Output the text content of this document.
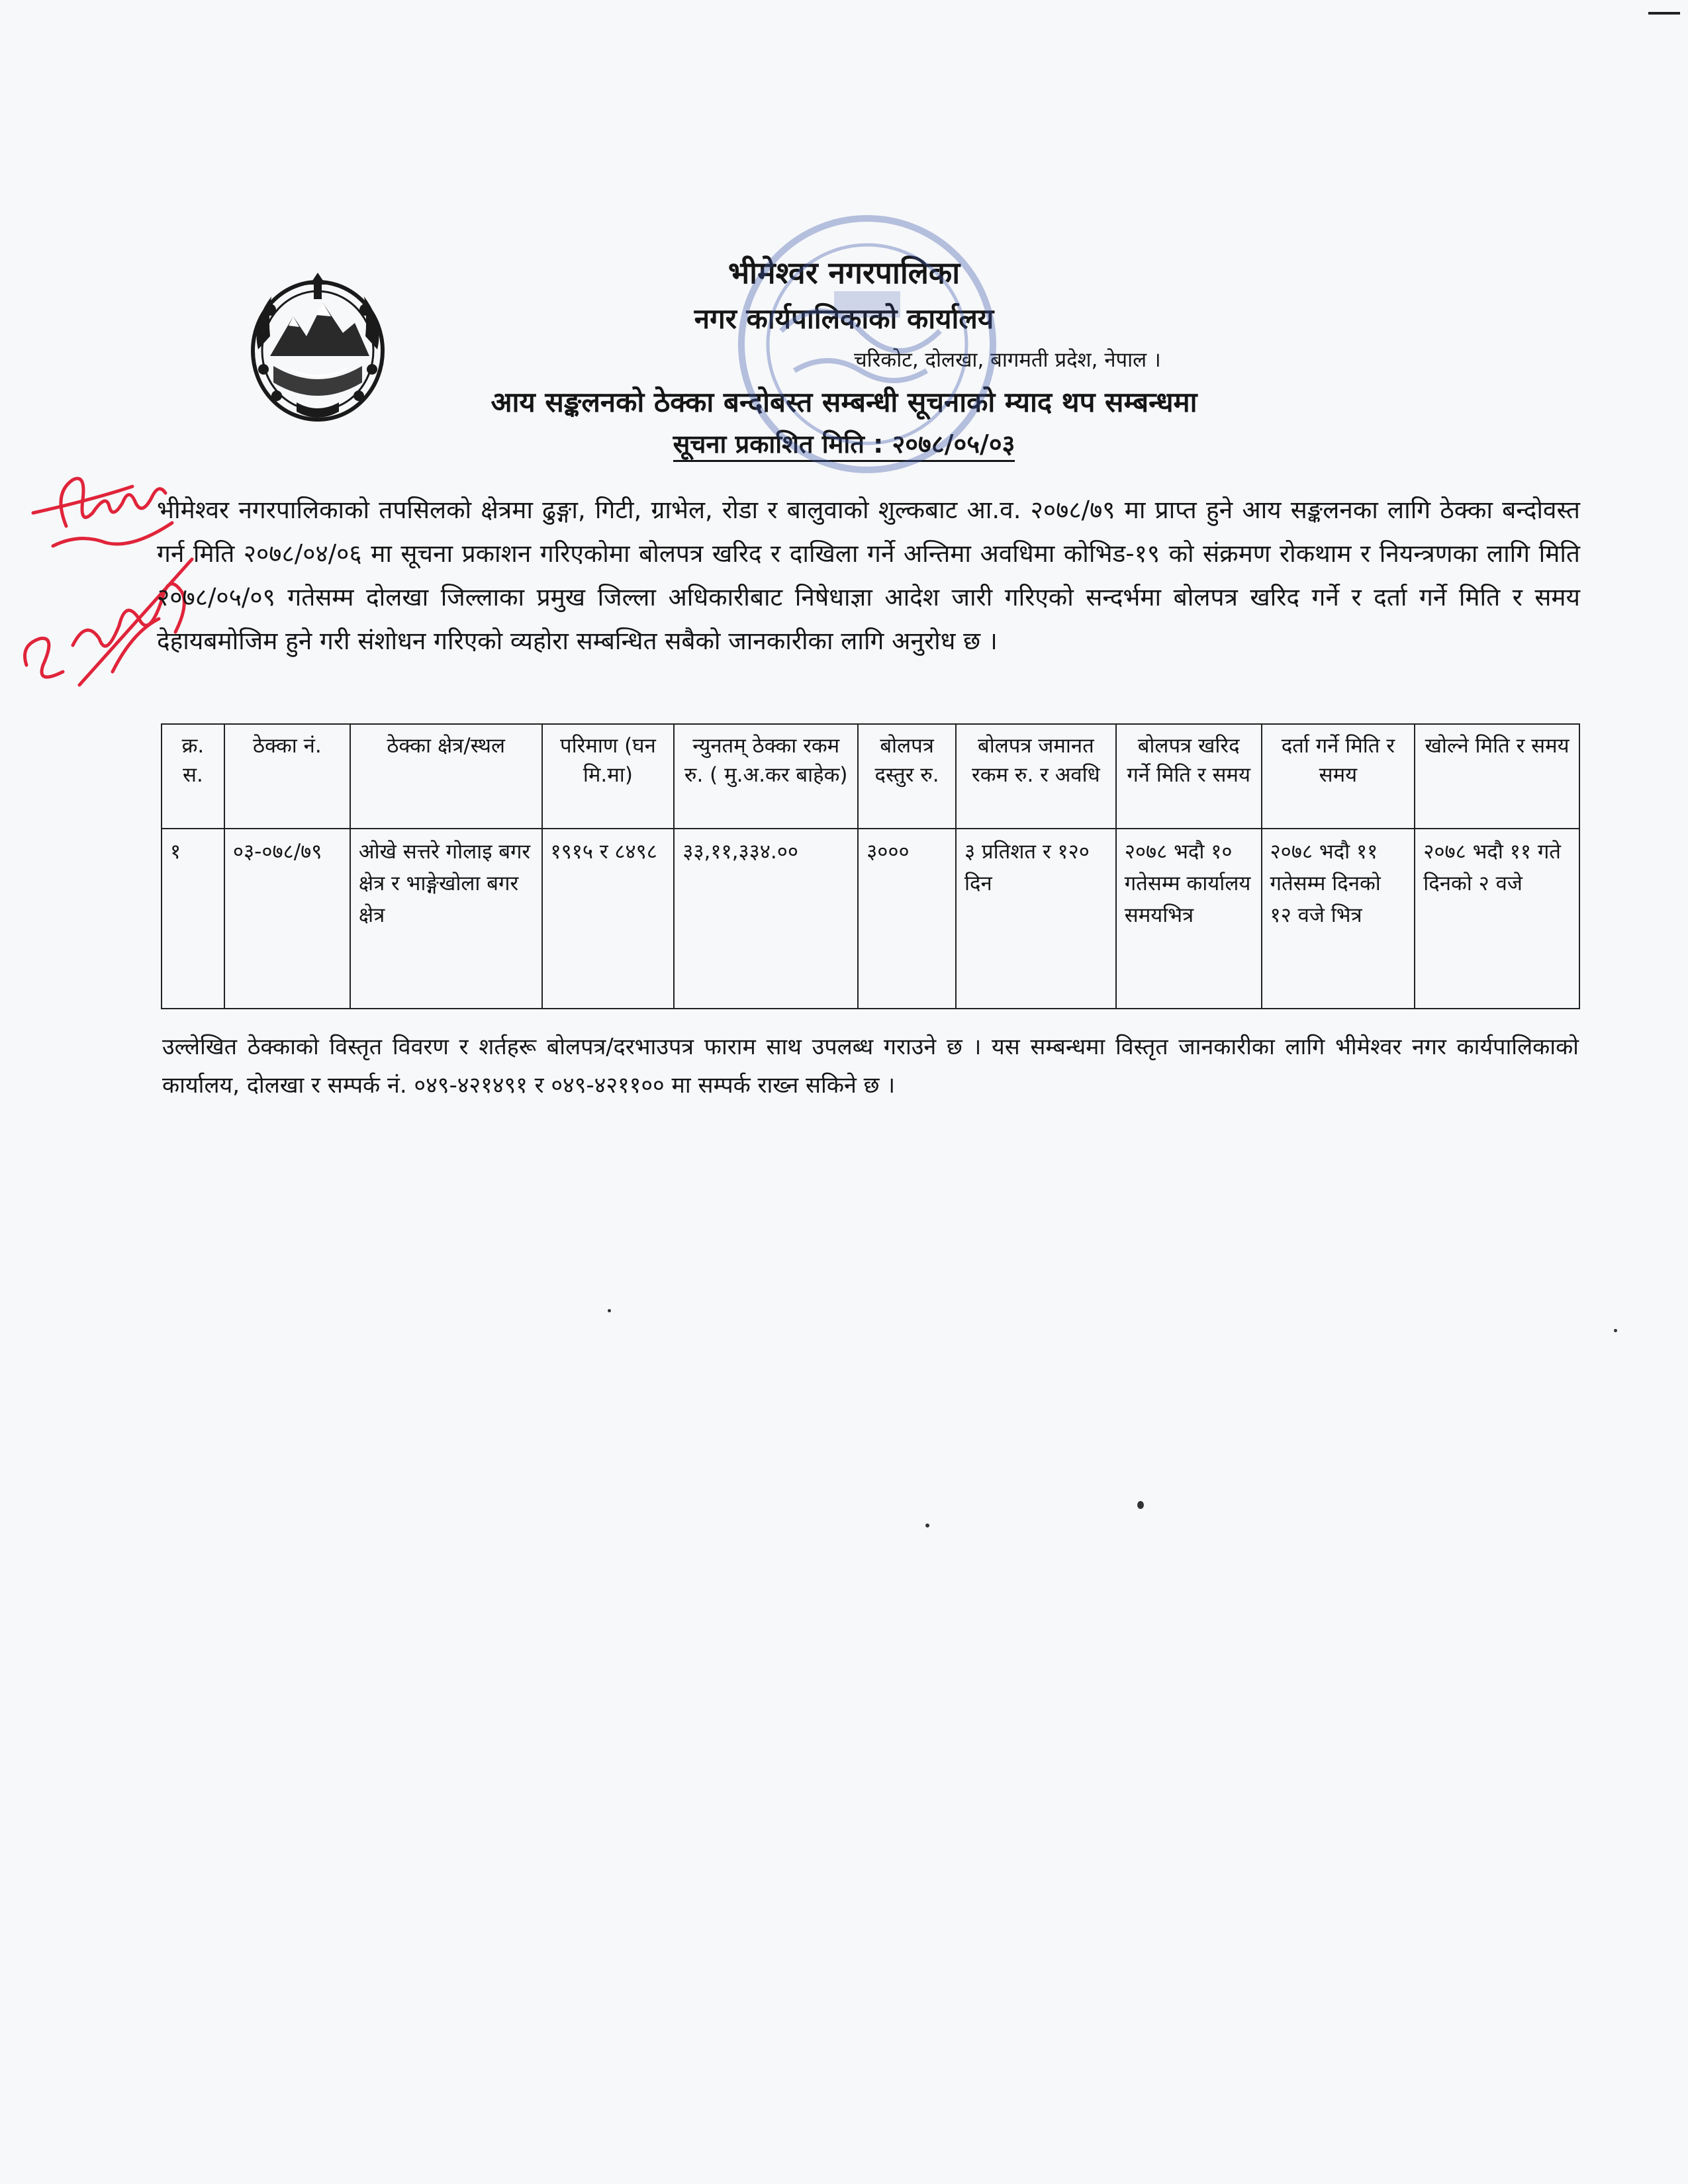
भीमेश्वर नगरपालिका
नगर कार्यपालिकाको कार्यालय
चरिकोट, दोलखा, बागमती प्रदेश, नेपाल ।
आय सङ्कलनको ठेक्का बन्दोबस्त सम्बन्धी सूचनाको म्याद थप सम्बन्धमा
सूचना प्रकाशित मिति : २०७८/०५/०३
भीमेश्वर नगरपालिकाको तपसिलको क्षेत्रमा ढुङ्गा, गिटी, ग्राभेल, रोडा र बालुवाको शुल्कबाट आ.व. २०७८/७९ मा प्राप्त हुने आय सङ्कलनका लागि ठेक्का बन्दोवस्त गर्न मिति २०७८/०४/०६ मा सूचना प्रकाशन गरिएकोमा बोलपत्र खरिद र दाखिला गर्ने अन्तिमा अवधिमा कोभिड-१९ को संक्रमण रोकथाम र नियन्त्रणका लागि मिति २०७८/०५/०९ गतेसम्म दोलखा जिल्लाका प्रमुख जिल्ला अधिकारीबाट निषेधाज्ञा आदेश जारी गरिएको सन्दर्भमा बोलपत्र खरिद गर्ने र दर्ता गर्ने मिति र समय देहायबमोजिम हुने गरी संशोधन गरिएको व्यहोरा सम्बन्धित सबैको जानकारीका लागि अनुरोध छ ।
क्र. स.	ठेक्का नं.	ठेक्का क्षेत्र/स्थल	परिमाण (घन मि.मा)	न्युनतम् ठेक्का रकम रु. ( मु.अ.कर बाहेक)	बोलपत्र दस्तुर रु.	बोलपत्र जमानत रकम रु. र अवधि	बोलपत्र खरिद गर्ने मिति र समय	दर्ता गर्ने मिति र समय	खोल्ने मिति र समय
१	०३-०७८/७९	ओखे सत्तरे गोलाइ बगर क्षेत्र र भाङ्गेखोला बगर क्षेत्र	१९१५ र ८४९८	३३,११,३३४.००	३०००	३ प्रतिशत र १२० दिन	२०७८ भदौ १० गतेसम्म कार्यालय समयभित्र	२०७८ भदौ ११ गतेसम्म दिनको १२ वजे भित्र	२०७८ भदौ ११ गते दिनको २ वजे
उल्लेखित ठेक्काको विस्तृत विवरण र शर्तहरू बोलपत्र/दरभाउपत्र फाराम साथ उपलब्ध गराउने छ । यस सम्बन्धमा विस्तृत जानकारीका लागि भीमेश्वर नगर कार्यपालिकाको कार्यालय, दोलखा र सम्पर्क नं. ०४९-४२१४९१ र ०४९-४२११०० मा सम्पर्क राख्न सकिने छ ।
